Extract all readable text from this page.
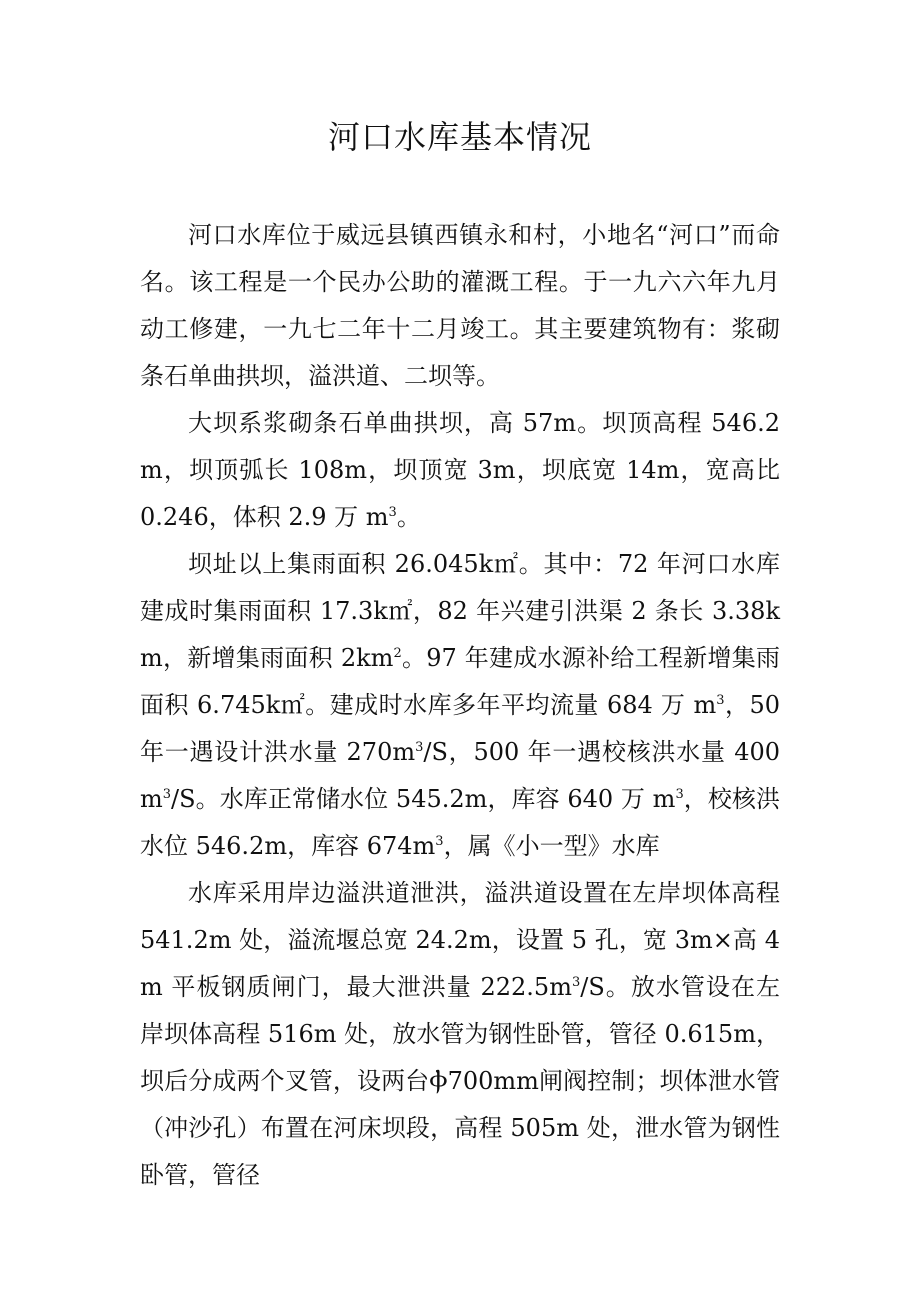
河口水库基本情况

河口水库位于威远县镇西镇永和村，小地名“河口”而命名。该工程是一个民办公助的灌溉工程。于一九六六年九月动工修建，一九七二年十二月竣工。其主要建筑物有：浆砌条石单曲拱坝，溢洪道、二坝等。

大坝系浆砌条石单曲拱坝，高 57m。坝顶高程 546.2m，坝顶弧长 108m，坝顶宽 3m，坝底宽 14m，宽高比 0.246，体积 2.9 万 $m^3$。

坝址以上集雨面积 26.045k㎡。其中：72 年河口水库建成时集雨面积 17.3k㎡，82 年兴建引洪渠 2 条长 3.38km，新增集雨面积 $2km^2$。97 年建成水源补给工程新增集雨面积 6.745k㎡。建成时水库多年平均流量 684 万 $m^3$，50 年一遇设计洪水量 $270m^3/S$，500 年一遇校核洪水量 $400m^3/S$。水库正常储水位 545.2m，库容 640 万 $m^3$，校核洪水位 546.2m，库容 $674m^3$，属《小一型》水库

水库采用岸边溢洪道泄洪，溢洪道设置在左岸坝体高程 541.2m 处，溢流堰总宽 24.2m，设置 5 孔，宽 3m×高 4m 平板钢质闸门，最大泄洪量 $222.5m^3/S$。放水管设在左岸坝体高程 516m 处，放水管为钢性卧管，管径 0.615m，坝后分成两个叉管，设两台Ⲫ700mm闸阀控制；坝体泄水管（冲沙孔）布置在河床坝段，高程 505m 处，泄水管为钢性卧管，管径
